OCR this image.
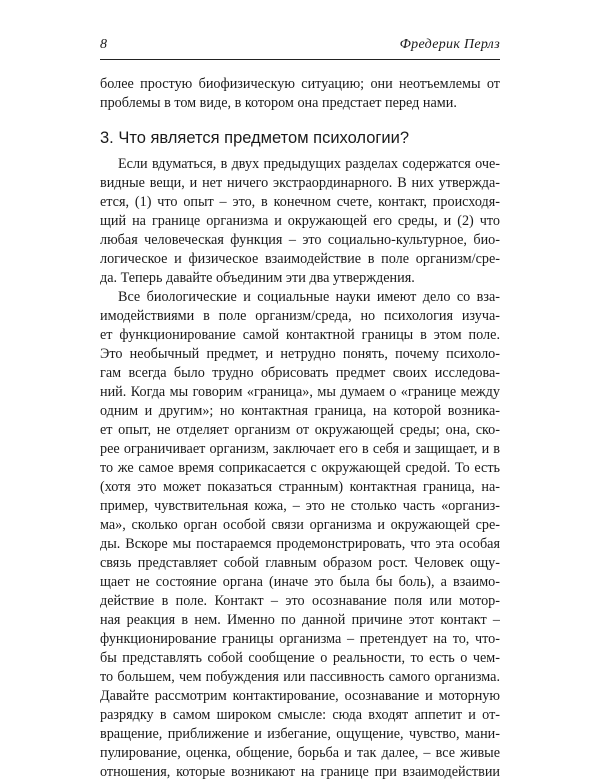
8	Фредерик Перлз
более простую биофизическую ситуацию; они неотъемлемы от
проблемы в том виде, в котором она предстает перед нами.
3. Что является предметом психологии?
Если вдуматься, в двух предыдущих разделах содержатся оче-
видные вещи, и нет ничего экстраординарного. В них утвержда-
ется, (1) что опыт – это, в конечном счете, контакт, происходя-
щий на границе организма и окружающей его среды, и (2) что
любая человеческая функция – это социально-культурное, био-
логическое и физическое взаимодействие в поле организм/сре-
да. Теперь давайте объединим эти два утверждения.
Все биологические и социальные науки имеют дело со вза-
имодействиями в поле организм/среда, но психология изуча-
ет функционирование самой контактной границы в этом поле.
Это необычный предмет, и нетрудно понять, почему психоло-
гам всегда было трудно обрисовать предмет своих исследова-
ний. Когда мы говорим «граница», мы думаем о «границе между
одним и другим»; но контактная граница, на которой возника-
ет опыт, не отделяет организм от окружающей среды; она, ско-
рее ограничивает организм, заключает его в себя и защищает, и в
то же самое время соприкасается с окружающей средой. То есть
(хотя это может показаться странным) контактная граница, на-
пример, чувствительная кожа, – это не столько часть «организ-
ма», сколько орган особой связи организма и окружающей сре-
ды. Вскоре мы постараемся продемонстрировать, что эта особая
связь представляет собой главным образом рост. Человек ощу-
щает не состояние органа (иначе это была бы боль), а взаимо-
действие в поле. Контакт – это осознавание поля или мотор-
ная реакция в нем. Именно по данной причине этот контакт –
функционирование границы организма – претендует на то, что-
бы представлять собой сообщение о реальности, то есть о чем-
то большем, чем побуждения или пассивность самого организма.
Давайте рассмотрим контактирование, осознавание и моторную
разрядку в самом широком смысле: сюда входят аппетит и от-
вращение, приближение и избегание, ощущение, чувство, мани-
пулирование, оценка, общение, борьба и так далее, – все живые
отношения, которые возникают на границе при взаимодействии
